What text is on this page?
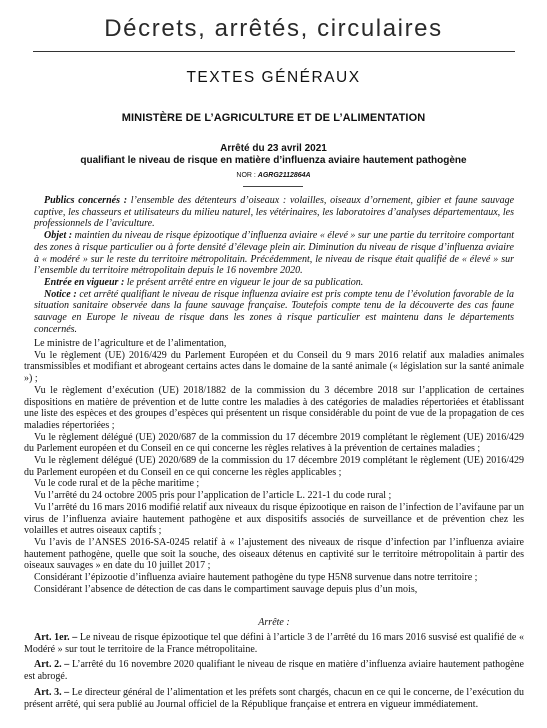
Décrets, arrêtés, circulaires
TEXTES GÉNÉRAUX
MINISTÈRE DE L’AGRICULTURE ET DE L’ALIMENTATION
Arrêté du 23 avril 2021
qualifiant le niveau de risque en matière d’influenza aviaire hautement pathogène
NOR : AGRG2112864A

Publics concernés : l’ensemble des détenteurs d’oiseaux : volailles, oiseaux d’ornement, gibier et faune sauvage captive, les chasseurs et utilisateurs du milieu naturel, les vétérinaires, les laboratoires d’analyses départementaux, les professionnels de l’aviculture.

Objet : maintien du niveau de risque épizootique d’influenza aviaire « élevé » sur une partie du territoire comportant des zones à risque particulier ou à forte densité d’élevage plein air. Diminution du niveau de risque d’influenza aviaire à « modéré » sur le reste du territoire métropolitain. Précédemment, le niveau de risque était qualifié de « élevé » sur l’ensemble du territoire métropolitain depuis le 16 novembre 2020.

Entrée en vigueur : le présent arrêté entre en vigueur le jour de sa publication.

Notice : cet arrêté qualifiant le niveau de risque influenza aviaire est pris compte tenu de l’évolution favorable de la situation sanitaire observée dans la faune sauvage française. Toutefois compte tenu de la découverte des cas faune sauvage en Europe le niveau de risque dans les zones à risque particulier est maintenu dans le départements concernés.

Le ministre de l’agriculture et de l’alimentation,

Vu le règlement (UE) 2016/429 du Parlement Européen et du Conseil du 9 mars 2016 relatif aux maladies animales transmissibles et modifiant et abrogeant certains actes dans le domaine de la santé animale (« législation sur la santé animale ») ;

Vu le règlement d’exécution (UE) 2018/1882 de la commission du 3 décembre 2018 sur l’application de certaines dispositions en matière de prévention et de lutte contre les maladies à des catégories de maladies répertoriées et établissant une liste des espèces et des groupes d’espèces qui présentent un risque considérable du point de vue de la propagation de ces maladies répertoriées ;

Vu le règlement délégué (UE) 2020/687 de la commission du 17 décembre 2019 complétant le règlement (UE) 2016/429 du Parlement européen et du Conseil en ce qui concerne les règles relatives à la prévention de certaines maladies ;

Vu le règlement délégué (UE) 2020/689 de la commission du 17 décembre 2019 complétant le règlement (UE) 2016/429 du Parlement européen et du Conseil en ce qui concerne les règles applicables ;

Vu le code rural et de la pêche maritime ;

Vu l’arrêté du 24 octobre 2005 pris pour l’application de l’article L. 221-1 du code rural ;

Vu l’arrêté du 16 mars 2016 modifié relatif aux niveaux du risque épizootique en raison de l’infection de l’avifaune par un virus de l’influenza aviaire hautement pathogène et aux dispositifs associés de surveillance et de prévention chez les volailles et autres oiseaux captifs ;

Vu l’avis de l’ANSES 2016-SA-0245 relatif à « l’ajustement des niveaux de risque d’infection par l’influenza aviaire hautement pathogène, quelle que soit la souche, des oiseaux détenus en captivité sur le territoire métropolitain à partir des oiseaux sauvages » en date du 10 juillet 2017 ;

Considérant l’épizootie d’influenza aviaire hautement pathogène du type H5N8 survenue dans notre territoire ;

Considérant l’absence de détection de cas dans le compartiment sauvage depuis plus d’un mois,

Arrête :

Art. 1er. – Le niveau de risque épizootique tel que défini à l’article 3 de l’arrêté du 16 mars 2016 susvisé est qualifié de « Modéré » sur tout le territoire de la France métropolitaine.

Art. 2. – L’arrêté du 16 novembre 2020 qualifiant le niveau de risque en matière d’influenza aviaire hautement pathogène est abrogé.

Art. 3. – Le directeur général de l’alimentation et les préfets sont chargés, chacun en ce qui le concerne, de l’exécution du présent arrêté, qui sera publié au Journal officiel de la République française et entrera en vigueur immédiatement.
